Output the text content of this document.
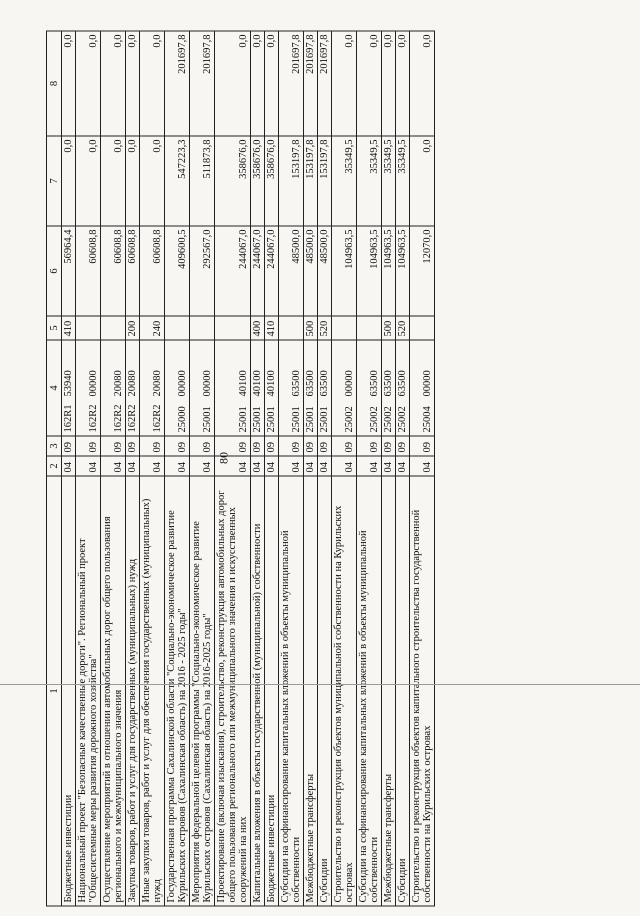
80
1	2	3	4	5	6	7	8
Бюджетные инвестиции	04	09	162R153940	410	56964,4	0,0	0,0
Национальный проект "Безопасные качественные дороги". Региональный проект "Общесистемные меры развития дорожного хозяйства"	04	09	162R200000		60608,8	0,0	0,0
Осуществление мероприятий в отношении автомобильных дорог общего пользования регионального и межмуниципального значения	04	09	162R220080		60608,8	0,0	0,0
Закупка товаров, работ и услуг для государственных (муниципальных) нужд	04	09	162R220080	200	60608,8	0,0	0,0
Иные закупки товаров, работ и услуг для обеспечения государственных (муниципальных) нужд	04	09	162R220080	240	60608,8	0,0	0,0
Государственная программа Сахалинской области "Социально-экономическое развитие Курильских островов (Сахалинская область) на 2016 - 2025 годы"	04	09	2500000000		409600,5	547223,3	201697,8
Мероприятия федеральной целевой программы "Социально-экономическое развитие Курильских островов (Сахалинская область) на 2016-2025 годы"	04	09	2500100000		292567,0	511873,8	201697,8
Проектирование (включая изыскания), строительство, реконструкция автомобильных дорог общего пользования регионального или межмуниципального значения и искусственных сооружений на них	04	09	2500140100		244067,0	358676,0	0,0
Капитальные вложения в объекты государственной (муниципальной) собственности	04	09	2500140100	400	244067,0	358676,0	0,0
Бюджетные инвестиции	04	09	2500140100	410	244067,0	358676,0	0,0
Субсидии на софинансирование капитальных вложений в объекты муниципальной собственности	04	09	2500163500		48500,0	153197,8	201697,8
Межбюджетные трансферты	04	09	2500163500	500	48500,0	153197,8	201697,8
Субсидии	04	09	2500163500	520	48500,0	153197,8	201697,8
Строительство и реконструкция объектов муниципальной собственности на Курильских островах	04	09	2500200000		104963,5	35349,5	0,0
Субсидии на софинансирование капитальных вложений в объекты муниципальной собственности	04	09	2500263500		104963,5	35349,5	0,0
Межбюджетные трансферты	04	09	2500263500	500	104963,5	35349,5	0,0
Субсидии	04	09	2500263500	520	104963,5	35349,5	0,0
Строительство и реконструкция объектов капитального строительства государственной собственности на Курильских островах	04	09	2500400000		12070,0	0,0	0,0
